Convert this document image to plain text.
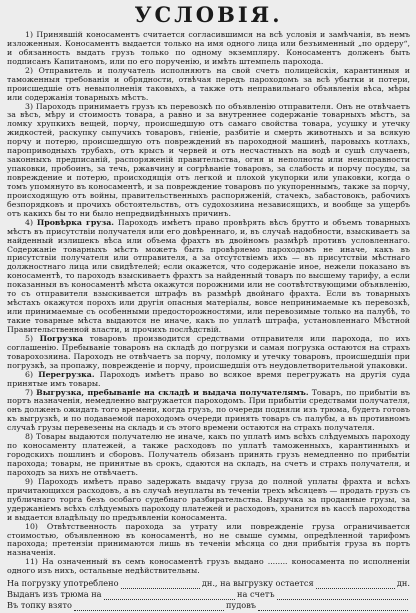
УСЛОВІЯ.

1) Принявшій коносаментъ считается согласившимся на всѣ условія и замѣчанія, въ немъ изложенныя. Коносаментъ выдается только на имя одного лица или безъименный „по ордеру“, и обязанность выдать грузъ только по одному экземпляру. Коносаментъ долженъ быть подписанъ Капитаномъ, или по его порученію, и имѣть штемпель парохода.

2) Отправитель и получатель исполняютъ на свой счетъ полицейскія, карантинныя и таможенныя требованія и обрядности, отвѣчая передъ пароходомъ за всѣ убытки и потери, происшедшіе отъ невыполненія таковыхъ, а также отъ неправильнаго объявленія вѣса, мѣры или содержанія товарныхъ мѣстъ.

3) Пароходъ принимаетъ грузъ къ перевозкѣ по объявленію отправителя. Онъ не отвѣчаетъ за вѣсъ, мѣру и стоимость товара, а равно и за внутреннее содержаніе товарныхъ мѣстъ, за ломку хрупкихъ вещей, порчу, происшедшую отъ самаго свойства товара, усушку и утечку жидкостей, раскупку сыпучихъ товаровъ, гніеніе, разбитіе и смерть животныхъ и за всякую порчу и потерю, происшедшую отъ повреждений въ пароходной машинѣ, паровыхъ котлахъ, пароприводныхъ трубахъ, отъ крысъ и червей и отъ несчастныхъ на водѣ и сушѣ случаевъ, законныхъ предписаній, распоряженій правительства, огня и неполноты или неисправности упаковки, пробоинъ, за течь, ржавчину и согрѣваніе товаровъ, за слабость и порчу посуды, за повреждение и потерю, происходящія отъ легкой и плохой укупорки или упаковки, когда о томъ упомянуто въ коносаментѣ, и за повреждение товаровъ по укупореннымъ, также за порчу, происходящую отъ войны, правительственныхъ распоряженій, стачекъ, забастовокъ, рабочихъ безпорядковъ и прочихъ обстоятельствъ, отъ судохозяина независящихъ, и вообще за ущербъ отъ какихъ бы то ни было непредвидѣнныхъ причинъ.

4) Провѣрка груза. Пароходъ имѣетъ право провѣрять вѣсъ брутто и объемъ товарныхъ мѣстъ въ присутствіи получателя или его довѣреннаго, и, въ случаѣ надобности, взыскиваетъ за найденный излишекъ вѣса или объема фрахтъ въ двойномъ размѣрѣ противъ условленнаго. Содержаніе товарныхъ мѣстъ можетъ быть провѣряемо пароходомъ не иначе, какъ въ присутствіи получателя или отправителя, а за отсутствіемъ ихъ — въ присутствіи мѣстнаго должностнаго лица или свидѣтелей; если окажется, что содержаніе иное, нежели показано въ коносаментѣ, то пароходъ взыскиваетъ фрахтъ за найденный товаръ по высшему тарифу, а если показанныя въ коносаментѣ мѣста окажутся порожними или не соотвѣтствующими объявленію, то съ отправителя взыскивается штрафъ въ размѣрѣ двойнаго фрахта. Если въ товарныхъ мѣстахъ окажутся порохъ или другія опасныя матеріалы, вовсе непринимаемые къ перевозкѣ, или принимаемые съ особенными предосторожностями, или перевозимые только на палубѣ, то такие товарные мѣста выдаются не иначе, какъ по уплатѣ штрафа, установленнаго Мѣстной Правительственной власти, и прочихъ послѣдствій.

5) Погрузка товаровъ производится средствами отправителя или парохода, по ихъ соглашенію. Пребываніе товаровъ на складѣ до погрузки и самая погрузка остаются на страхъ товарохозяина. Пароходъ не отвѣчаетъ за порчу, поломку и утечку товаровъ, происшедшія при погрузкѣ, за пропажу, поврежденіе и порчу, происшедшія отъ неудовлетворительной упаковки.

6) Перегрузка. Пароходъ имѣетъ право во всякое время перегружать на другія суда принятые имъ товары.

7) Выгрузка, пребываніе на складѣ и выдача получателямъ. Товаръ, по прибытіи въ портъ назначенія, немедленно выгружается пароходомъ. При прибытіи средствами получателя, онъ долженъ ожидать того времени, когда грузъ, по очереди подняли изъ трюма, будетъ готовъ къ выгрузкѣ, и по подаваемой пароходомъ очереди принять товаръ съ палубы, а въ противномъ случаѣ грузы перевезены на складъ и съ этого времени остаются на страхъ получателя.

8) Товары выдаются получателю не иначе, какъ по уплатѣ имъ всѣхъ слѣдуемыхъ пароходу по коносаменту платежей, а также расходовъ по уплатѣ таможенныхъ, карантинныхъ и городскихъ пошлинъ и сборовъ. Получатель обязанъ принять грузъ немедленно по прибытіи парохода; товары, не принятые въ срокъ, сдаются на складъ, на счетъ и страхъ получателя, и пароходъ за нихъ не отвѣчаетъ.

9) Пароходъ имѣетъ право задержать выдачу груза до полной уплаты фрахта и всѣхъ причитающихся расходовъ, а въ случаѣ неуплаты въ теченіи трехъ мѣсяцевъ — продать грузъ съ публичнаго торга безъ особаго судебнаго разбирательства. Выручка за проданные грузы, за удержаніемъ всѣхъ слѣдуемыхъ пароходу платежей и расходовъ, хранится въ кассѣ пароходства и выдается владѣльцу по предъявленіи коносамента.

10) Отвѣтственность парохода за утрату или поврежденіе груза ограничивается стоимостью, объявленною въ коносаментѣ, но не свыше суммы, опредѣленной тарифомъ парохода; претензіи принимаются лишь въ теченіи мѣсяца со дня прибытія груза въ портъ назначенія.

11) На означенный въ семъ коносаментѣ грузъ выдано ........ коносамента по исполненіи одного изъ нихъ, остальные недѣйствительны.

На погрузку употреблено	дн., на выгрузку остается	дн.
Выданъ изъ трюма на	на счетъ
Въ топку взято	пудовъ
